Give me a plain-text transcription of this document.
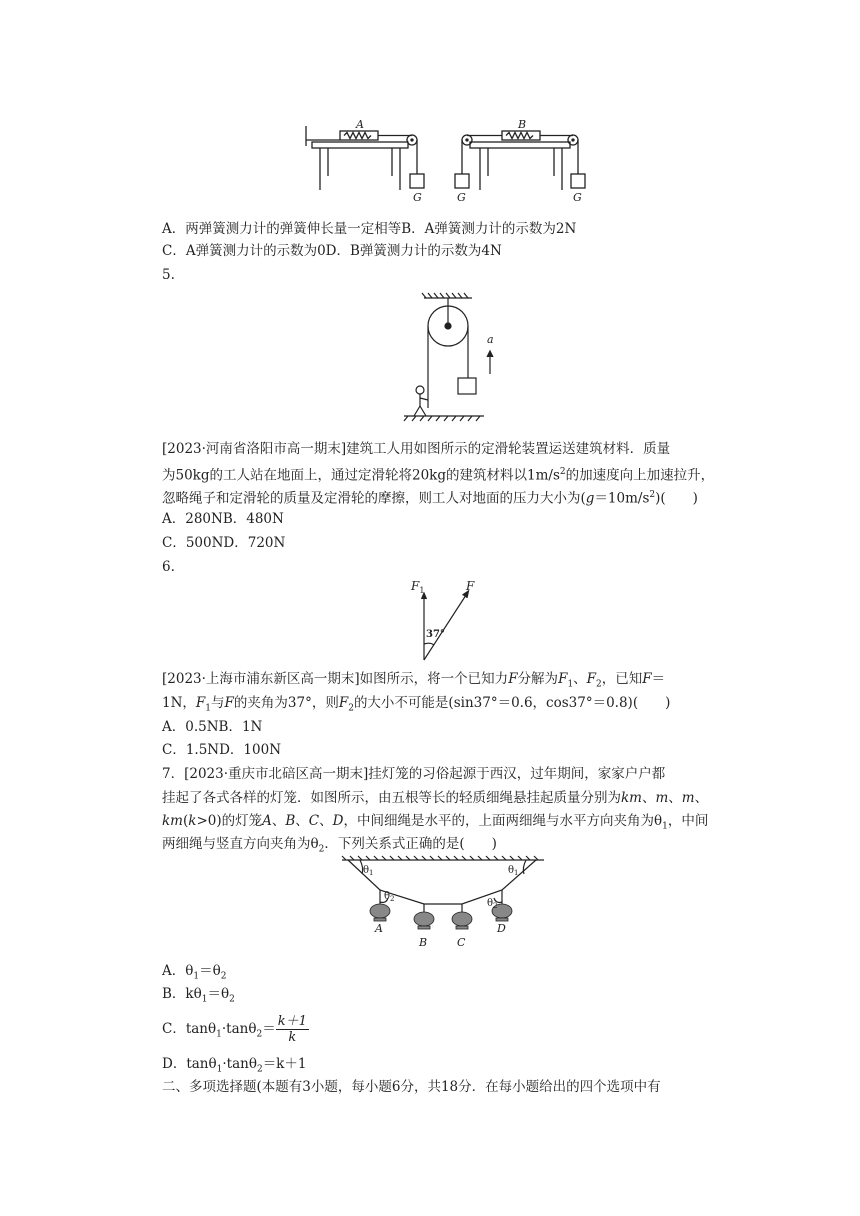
A	B
G	G	G
A．两弹簧测力计的弹簧伸长量一定相等B．A弹簧测力计的示数为2N
C．A弹簧测力计的示数为0D．B弹簧测力计的示数为4N
5.
a
[2023·河南省洛阳市高一期末]建筑工人用如图所示的定滑轮装置运送建筑材料．质量
为50kg的工人站在地面上，通过定滑轮将20kg的建筑材料以$1m/s^2$的加速度向上加速拉升，
忽略绳子和定滑轮的质量及定滑轮的摩擦，则工人对地面的压力大小为$(g=10m/s^2)$(　　)
A．280NB．480N
C．500ND．720N
6.
$F_1$	F
37°
[2023·上海市浦东新区高一期末]如图所示，将一个已知力F分解为$F_1$、$F_2$，已知F＝
1N，$F_1$与F的夹角为37°，则$F_2$的大小不可能是(sin37°＝0.6，cos37°＝0.8)(　　)
A．0.5NB．1N
C．1.5ND．100N
7．[2023·重庆市北碚区高一期末]挂灯笼的习俗起源于西汉，过年期间，家家户户都
挂起了各式各样的灯笼．如图所示，由五根等长的轻质细绳悬挂起质量分别为km、m、m、
km(k>0)的灯笼A、B、C、D，中间细绳是水平的，上面两细绳与水平方向夹角为$\theta_1$，中间
两细绳与竖直方向夹角为$\theta_2$．下列关系式正确的是(　　)
$\theta_1$	$\theta_1$
$\theta_2$	$\theta_2$
A
B	C
D
A．$\theta_1=\theta_2$
B．$k\theta_1=\theta_2$
C．$\tan\theta_1\cdot\tan\theta_2= \frac{k+1}{k}$
D．tanθ$_1$·tanθ$_2$＝k＋1
二、多项选择题(本题有3小题，每小题6分，共18分．在每小题给出的四个选项中有
